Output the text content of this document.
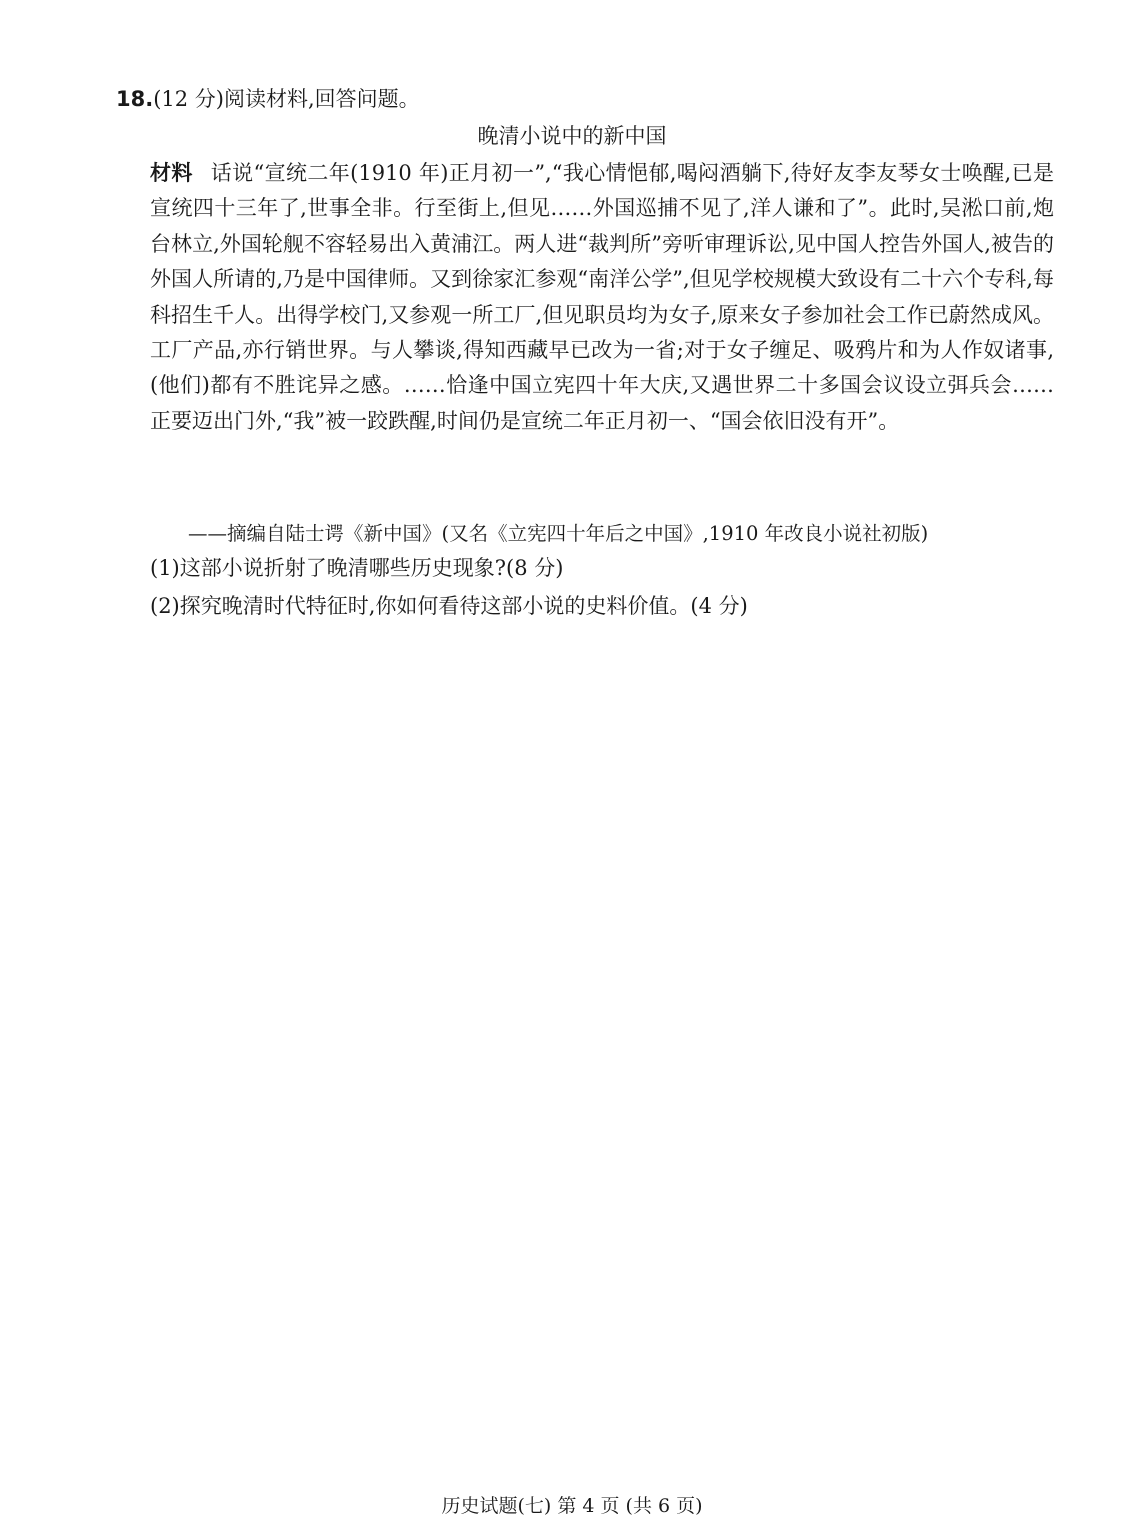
18.(12 分)阅读材料,回答问题。
晚清小说中的新中国
材料 话说“宣统二年(1910 年)正月初一”,“我心情悒郁,喝闷酒躺下,待好友李友琴女士唤醒,已是宣统四十三年了,世事全非。行至街上,但见……外国巡捕不见了,洋人谦和了”。此时,吴淞口前,炮台林立,外国轮舰不容轻易出入黄浦江。两人进“裁判所”旁听审理诉讼,见中国人控告外国人,被告的外国人所请的,乃是中国律师。又到徐家汇参观“南洋公学”,但见学校规模大致设有二十六个专科,每科招生千人。出得学校门,又参观一所工厂,但见职员均为女子,原来女子参加社会工作已蔚然成风。工厂产品,亦行销世界。与人攀谈,得知西藏早已改为一省;对于女子缠足、吸鸦片和为人作奴诸事,(他们)都有不胜诧异之感。……恰逢中国立宪四十年大庆,又遇世界二十多国会议设立弭兵会……正要迈出门外,“我”被一跤跌醒,时间仍是宣统二年正月初一、“国会依旧没有开”。
——摘编自陆士谔《新中国》(又名《立宪四十年后之中国》,1910 年改良小说社初版)
(1)这部小说折射了晚清哪些历史现象?(8 分)
(2)探究晚清时代特征时,你如何看待这部小说的史料价值。(4 分)
历史试题(七) 第 4 页 (共 6 页)
